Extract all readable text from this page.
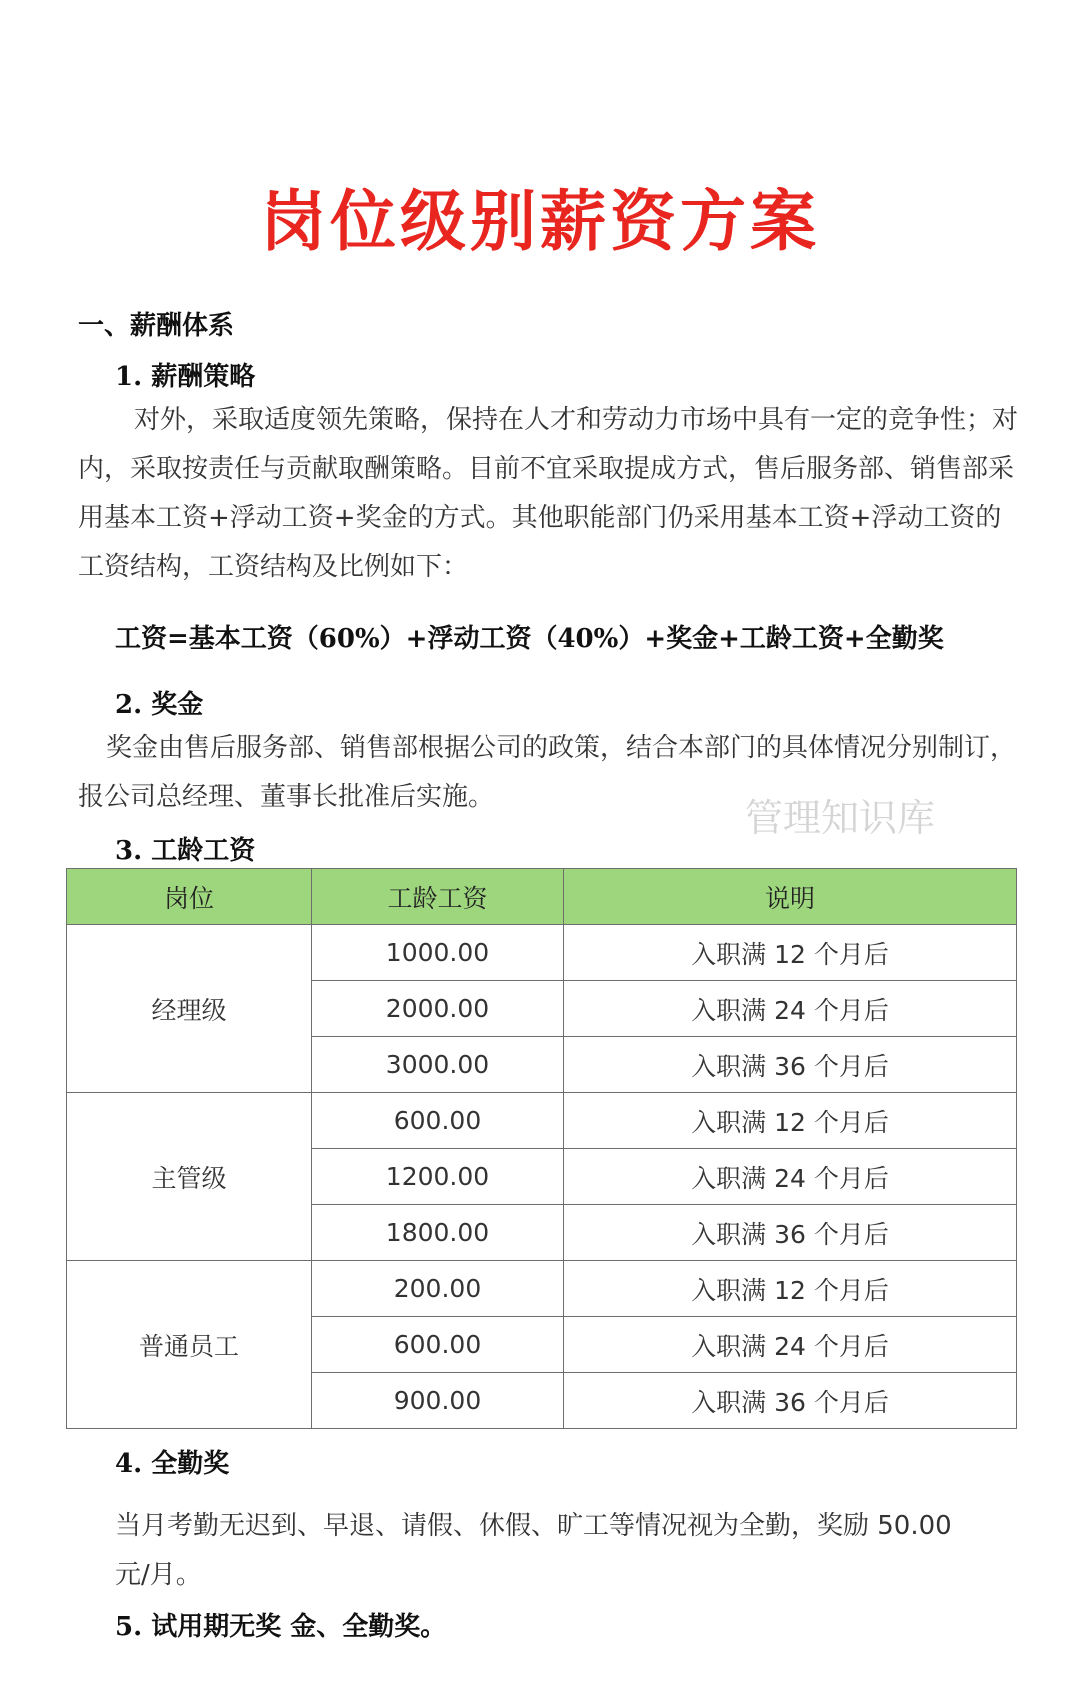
岗位级别薪资方案
一、薪酬体系
1. 薪酬策略
对外，采取适度领先策略，保持在人才和劳动力市场中具有一定的竞争性；对内，采取按责任与贡献取酬策略。目前不宜采取提成方式，售后服务部、销售部采用基本工资+浮动工资+奖金的方式。其他职能部门仍采用基本工资+浮动工资的工资结构，工资结构及比例如下：
工资=基本工资（60%）+浮动工资（40%）+奖金+工龄工资+全勤奖
2. 奖金
奖金由售后服务部、销售部根据公司的政策，结合本部门的具体情况分别制订，报公司总经理、董事长批准后实施。	管理知识库
3. 工龄工资
岗位	工龄工资	说明
经理级	1000.00	入职满 12 个月后
	2000.00	入职满 24 个月后
	3000.00	入职满 36 个月后
主管级	600.00	入职满 12 个月后
	1200.00	入职满 24 个月后
	1800.00	入职满 36 个月后
普通员工	200.00	入职满 12 个月后
	600.00	入职满 24 个月后
	900.00	入职满 36 个月后
4. 全勤奖
当月考勤无迟到、早退、请假、休假、旷工等情况视为全勤，奖励 50.00
元/月。
5. 试用期无奖 金、全勤奖。
